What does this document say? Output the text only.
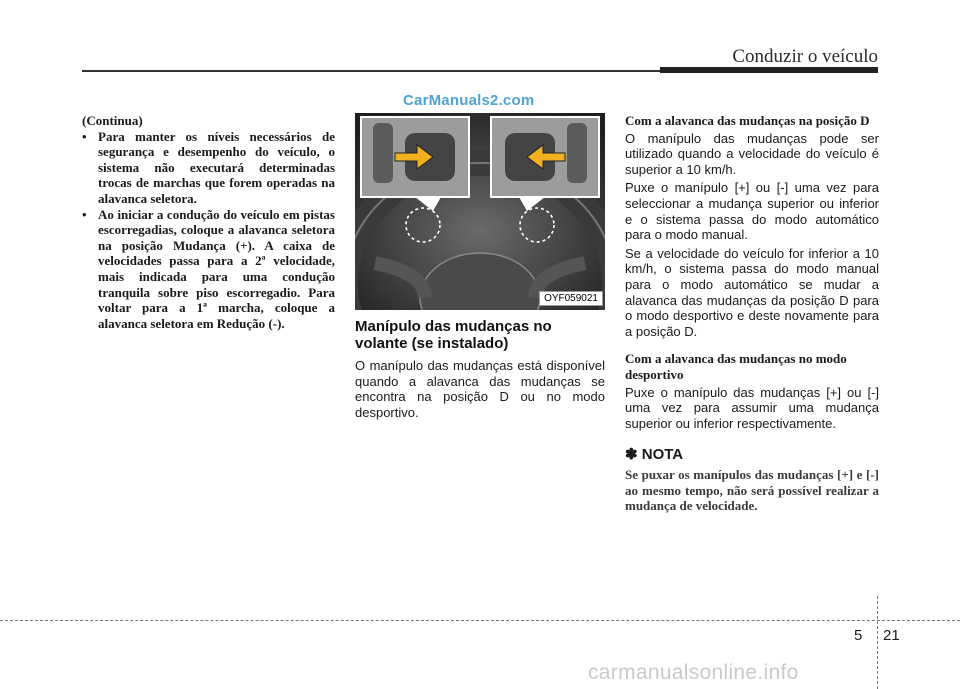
Conduzir o veículo
(Continua)
• Para manter os níveis necessários de segurança e desempenho do veículo, o sistema não executará determinadas trocas de marchas que forem operadas na alavanca seletora.
• Ao iniciar a condução do veículo em pistas escorregadias, coloque a alavanca seletora na posição Mudança (+). A caixa de velocidades passa para a 2ª velocidade, mais indicada para uma condução tranquila sobre piso escorregadio. Para voltar para a 1ª marcha, coloque a alavanca seletora em Redução (-).
CarManuals2.com
OYF059021
Manípulo das mudanças no volante (se instalado)
O manípulo das mudanças está disponível quando a alavanca das mudanças se encontra na posição D ou no modo desportivo.
Com a alavanca das mudanças na posição D

O manípulo das mudanças pode ser utilizado quando a velocidade do veículo é superior a 10 km/h.

Puxe o manípulo [+] ou [-] uma vez para seleccionar a mudança superior ou inferior e o sistema passa do modo automático para o modo manual.

Se a velocidade do veículo for inferior a 10 km/h, o sistema passa do modo manual para o modo automático se mudar a alavanca das mudanças da posição D para o modo desportivo e deste novamente para a posição D.

Com a alavanca das mudanças no modo desportivo
Puxe o manípulo das mudanças [+] ou [-] uma vez para assumir uma mudança superior ou inferior respectivamente.
✽ NOTA
Se puxar os manípulos das mudanças [+] e [-] ao mesmo tempo, não será possível realizar a mudança de velocidade.
5 21
carmanualsonline.info
